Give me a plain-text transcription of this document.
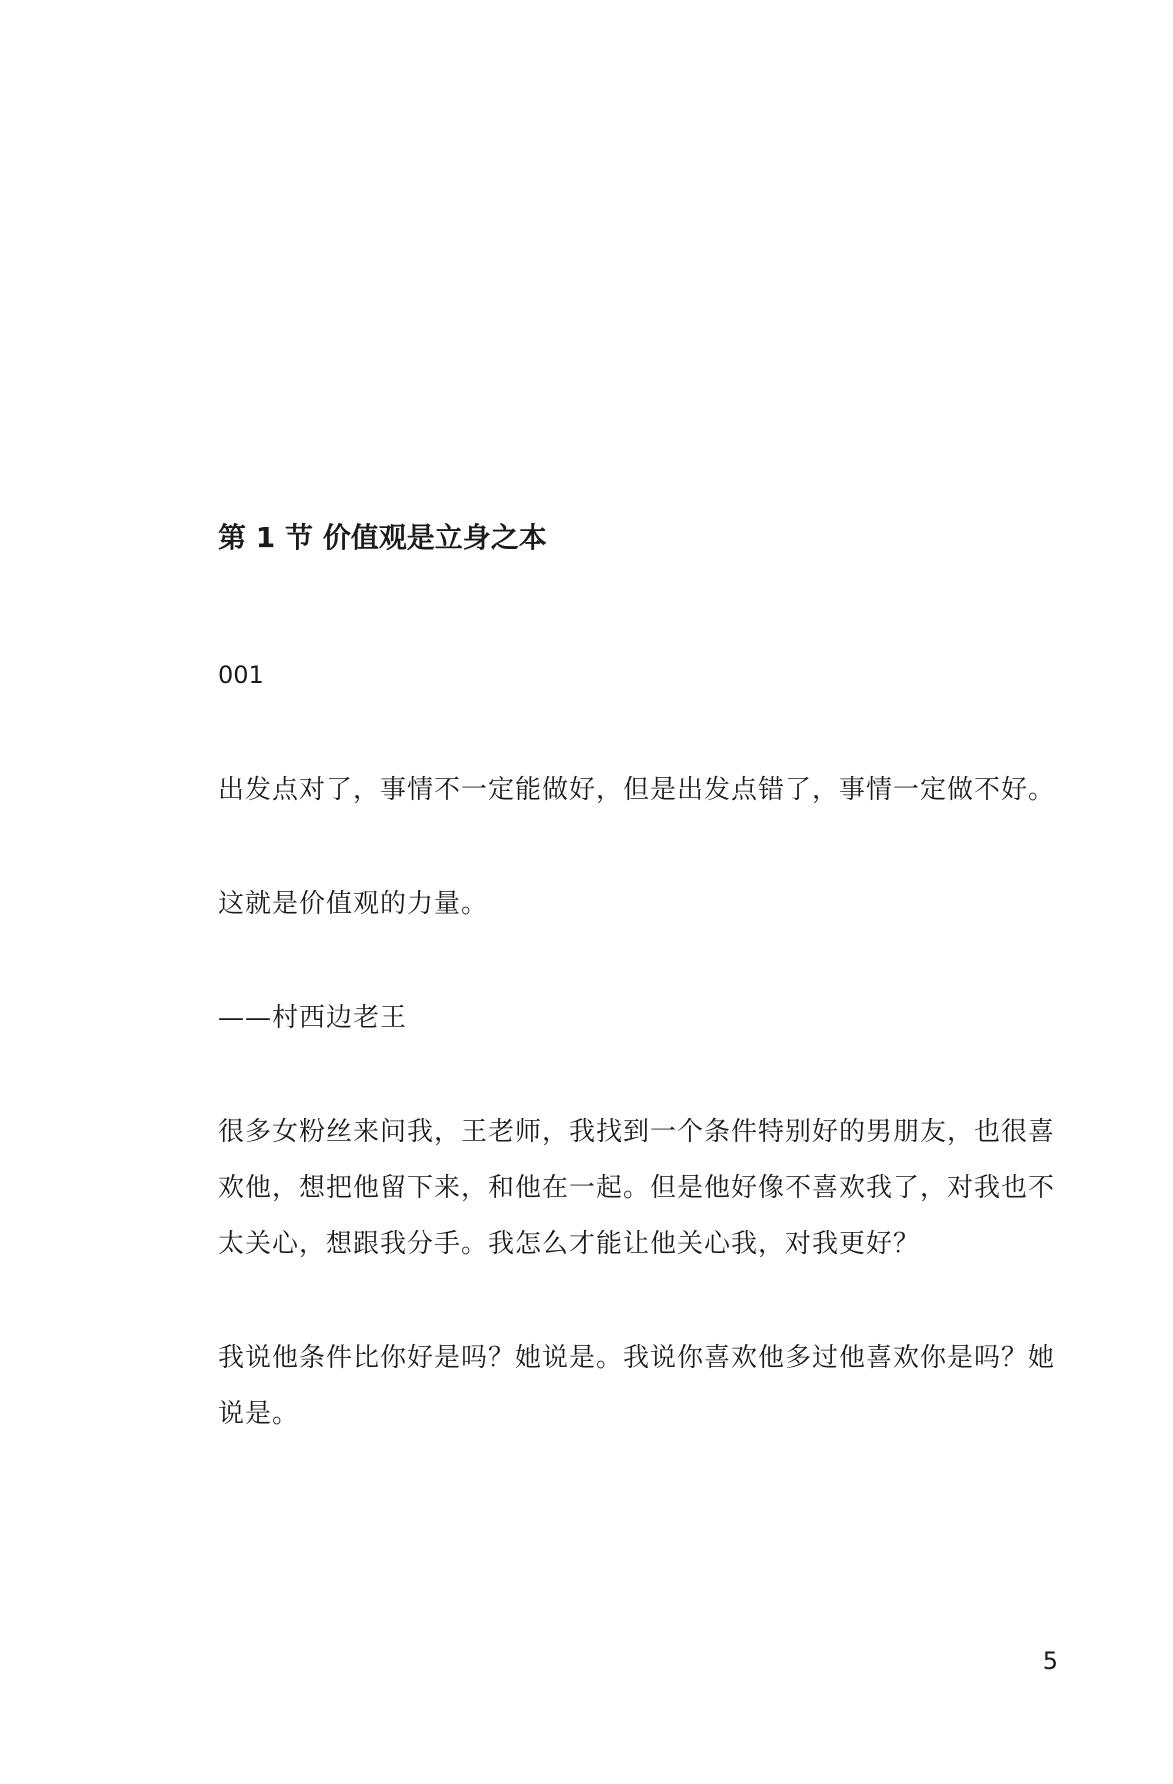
第 1 节 价值观是立身之本
001

出发点对了，事情不一定能做好，但是出发点错了，事情一定做不好。

这就是价值观的力量。

——村西边老王

很多女粉丝来问我，王老师，我找到一个条件特别好的男朋友，也很喜欢他，想把他留下来，和他在一起。但是他好像不喜欢我了，对我也不太关心，想跟我分手。我怎么才能让他关心我，对我更好？

我说他条件比你好是吗？她说是。我说你喜欢他多过他喜欢你是吗？她说是。

5
